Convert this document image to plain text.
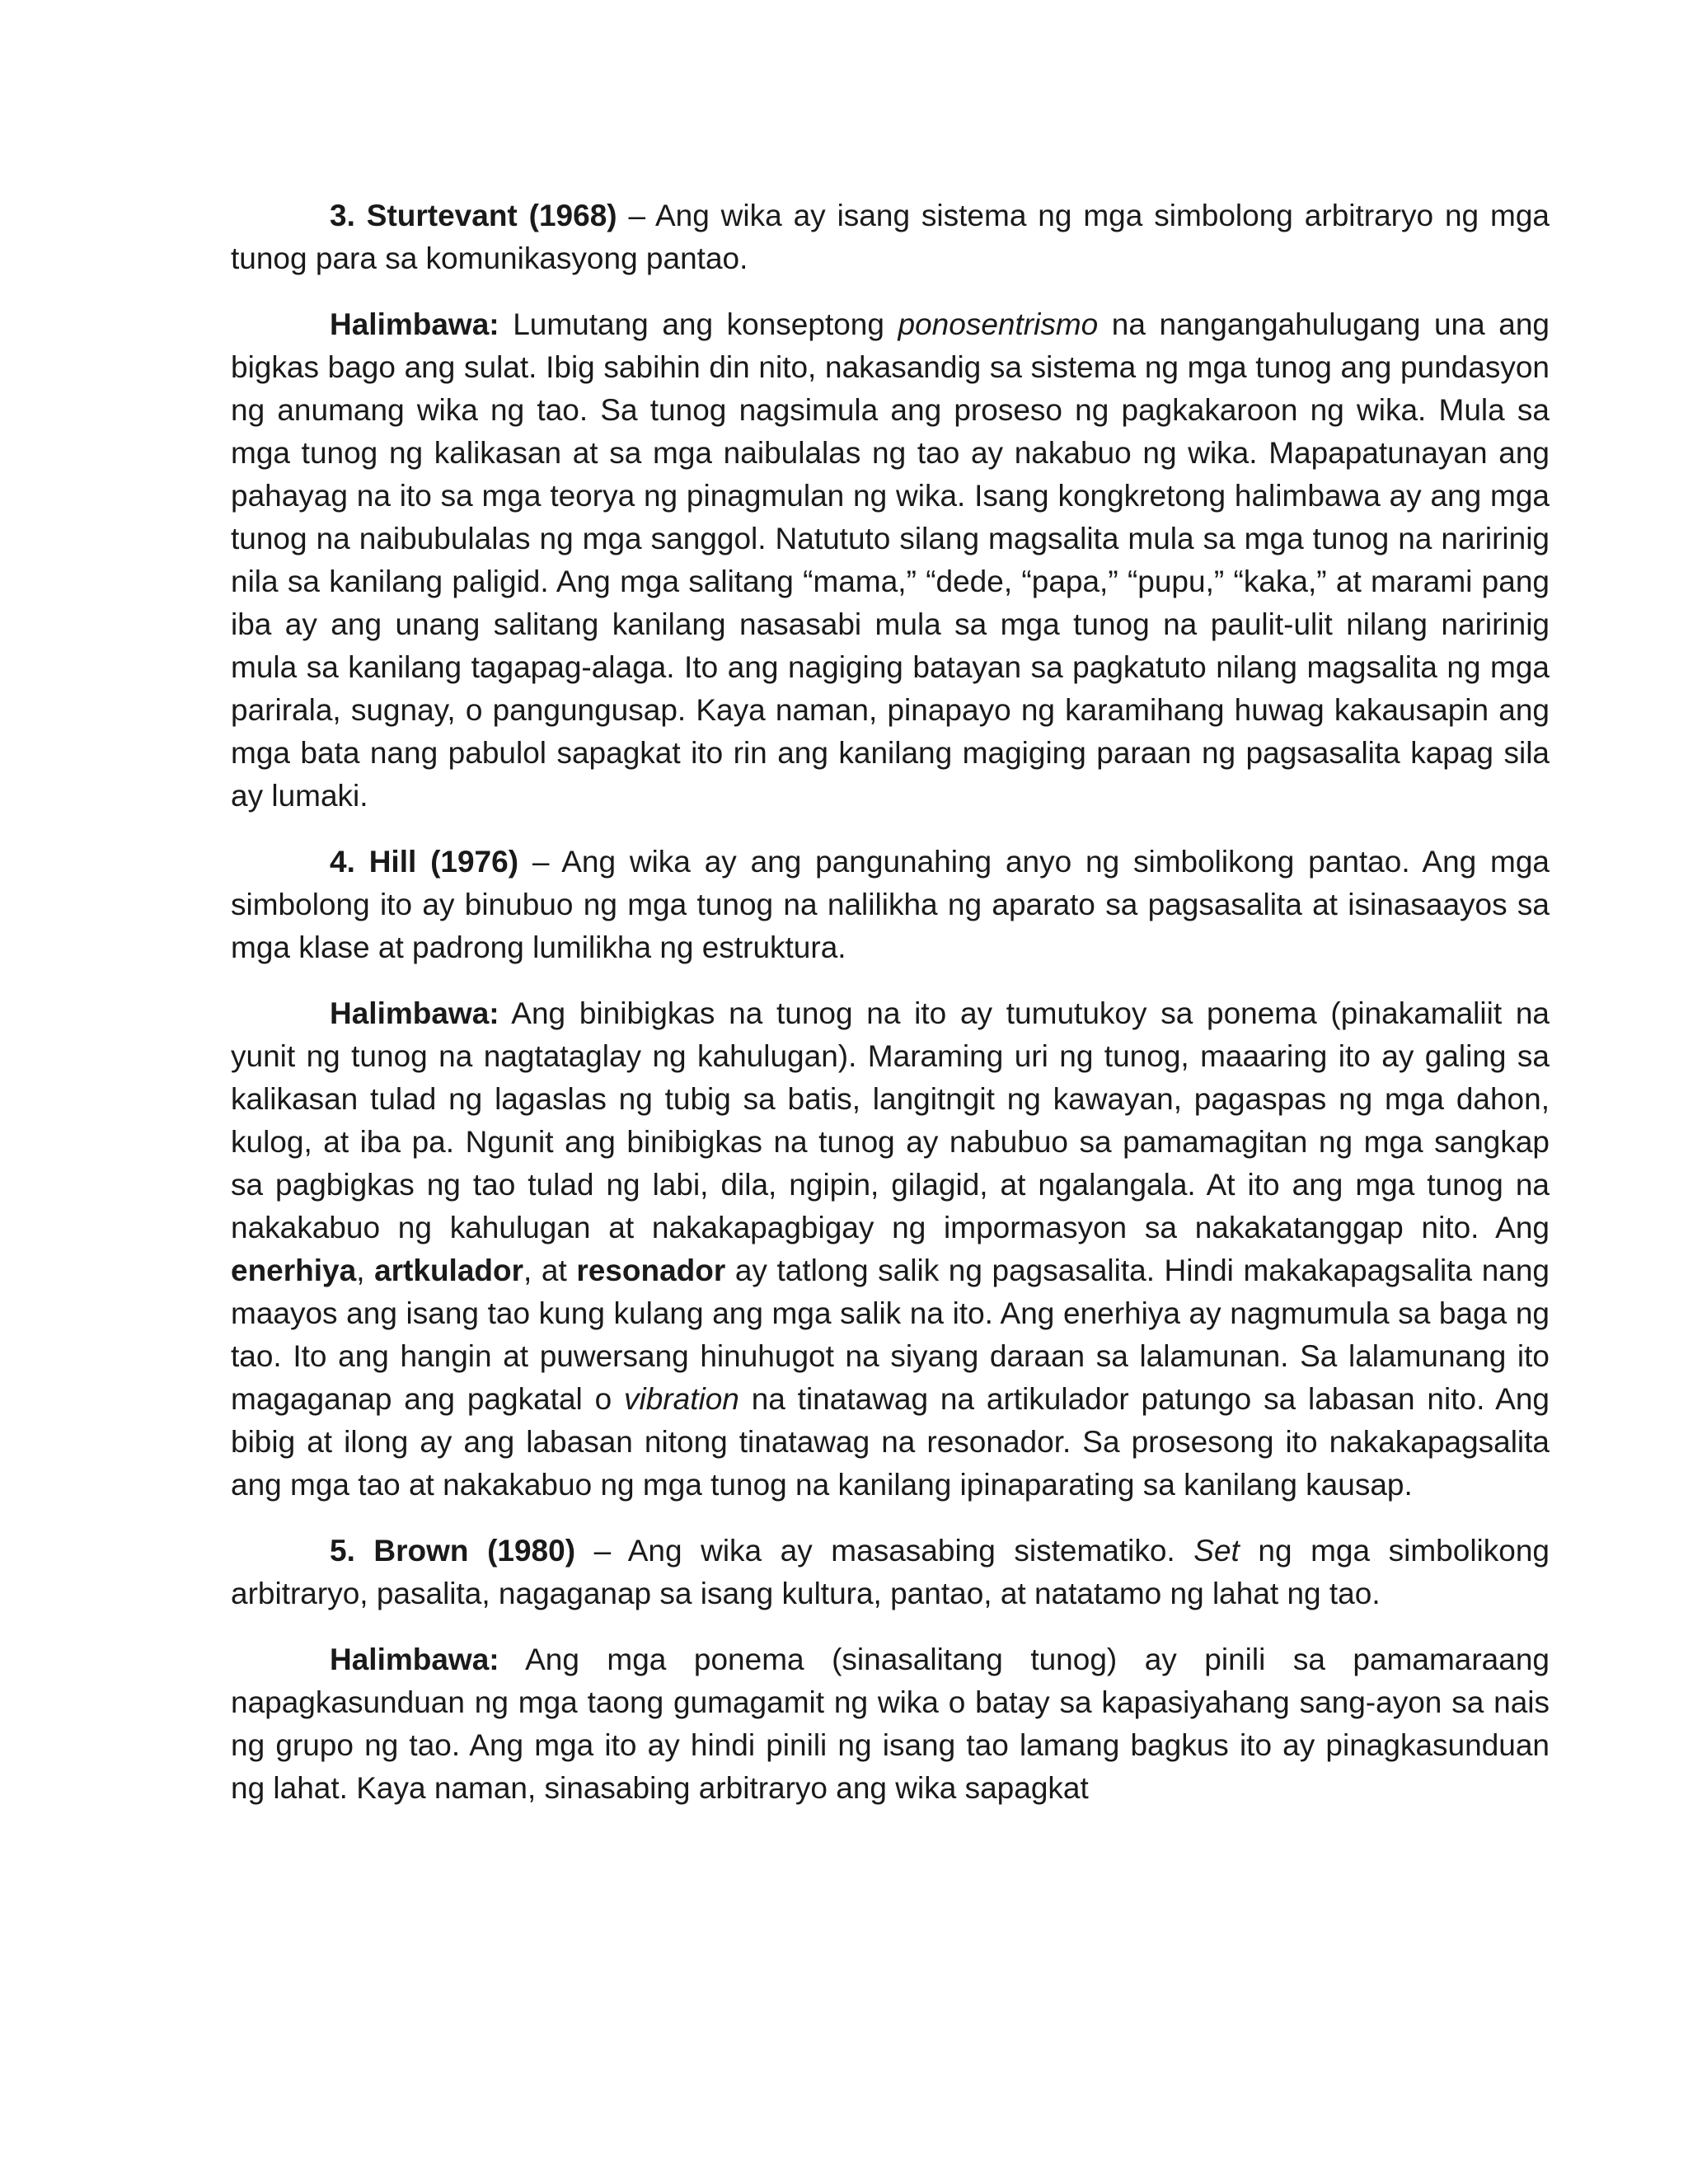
3. Sturtevant (1968) – Ang wika ay isang sistema ng mga simbolong arbitraryo ng mga tunog para sa komunikasyong pantao.

Halimbawa: Lumutang ang konseptong ponosentrismo na nangangahulugang una ang bigkas bago ang sulat. Ibig sabihin din nito, nakasandig sa sistema ng mga tunog ang pundasyon ng anumang wika ng tao. Sa tunog nagsimula ang proseso ng pagkakaroon ng wika. Mula sa mga tunog ng kalikasan at sa mga naibulalas ng tao ay nakabuo ng wika. Mapapatunayan ang pahayag na ito sa mga teorya ng pinagmulan ng wika. Isang kongkretong halimbawa ay ang mga tunog na naibubulalas ng mga sanggol. Natututo silang magsalita mula sa mga tunog na naririnig nila sa kanilang paligid. Ang mga salitang “mama,” “dede, “papa,” “pupu,” “kaka,” at marami pang iba ay ang unang salitang kanilang nasasabi mula sa mga tunog na paulit-ulit nilang naririnig mula sa kanilang tagapag-alaga. Ito ang nagiging batayan sa pagkatuto nilang magsalita ng mga parirala, sugnay, o pangungusap. Kaya naman, pinapayo ng karamihang huwag kakausapin ang mga bata nang pabulol sapagkat ito rin ang kanilang magiging paraan ng pagsasalita kapag sila ay lumaki.

4. Hill (1976) – Ang wika ay ang pangunahing anyo ng simbolikong pantao. Ang mga simbolong ito ay binubuo ng mga tunog na nalilikha ng aparato sa pagsasalita at isinasaayos sa mga klase at padrong lumilikha ng estruktura.

Halimbawa: Ang binibigkas na tunog na ito ay tumutukoy sa ponema (pinakamaliit na yunit ng tunog na nagtataglay ng kahulugan). Maraming uri ng tunog, maaaring ito ay galing sa kalikasan tulad ng lagaslas ng tubig sa batis, langitngit ng kawayan, pagaspas ng mga dahon, kulog, at iba pa. Ngunit ang binibigkas na tunog ay nabubuo sa pamamagitan ng mga sangkap sa pagbigkas ng tao tulad ng labi, dila, ngipin, gilagid, at ngalangala. At ito ang mga tunog na nakakabuo ng kahulugan at nakakapagbigay ng impormasyon sa nakakatanggap nito. Ang enerhiya, artkulador, at resonador ay tatlong salik ng pagsasalita. Hindi makakapagsalita nang maayos ang isang tao kung kulang ang mga salik na ito. Ang enerhiya ay nagmumula sa baga ng tao. Ito ang hangin at puwersang hinuhugot na siyang daraan sa lalamunan. Sa lalamunang ito magaganap ang pagkatal o vibration na tinatawag na artikulador patungo sa labasan nito. Ang bibig at ilong ay ang labasan nitong tinatawag na resonador. Sa prosesong ito nakakapagsalita ang mga tao at nakakabuo ng mga tunog na kanilang ipinaparating sa kanilang kausap.

5. Brown (1980) – Ang wika ay masasabing sistematiko. Set ng mga simbolikong arbitraryo, pasalita, nagaganap sa isang kultura, pantao, at natatamo ng lahat ng tao.

Halimbawa: Ang mga ponema (sinasalitang tunog) ay pinili sa pamamaraang napagkasunduan ng mga taong gumagamit ng wika o batay sa kapasiyahang sang-ayon sa nais ng grupo ng tao. Ang mga ito ay hindi pinili ng isang tao lamang bagkus ito ay pinagkasunduan ng lahat. Kaya naman, sinasabing arbitraryo ang wika sapagkat
